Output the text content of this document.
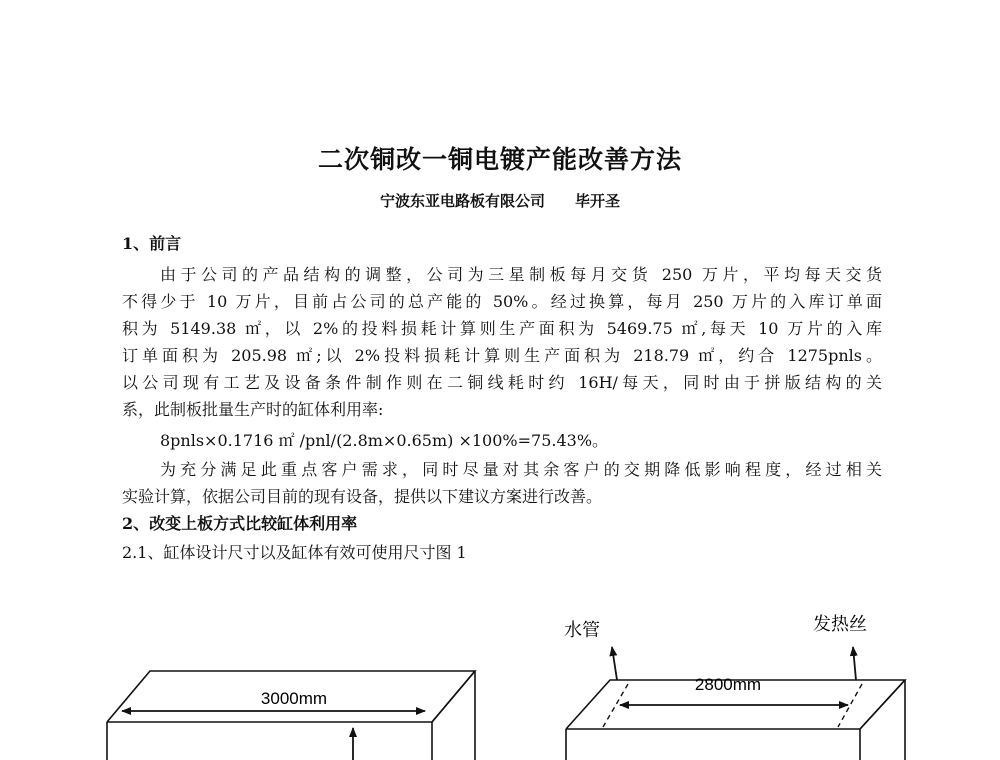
二次铜改一铜电镀产能改善方法
宁波东亚电路板有限公司 毕开圣
1、前言
由于公司的产品结构的调整，公司为三星制板每月交货 250 万片，平均每天交货
不得少于 10 万片，目前占公司的总产能的 50%。经过换算，每月 250 万片的入库订单面
积为 5149.38 ㎡，以 2%的投料损耗计算则生产面积为 5469.75 ㎡,每天 10 万片的入库
订单面积为 205.98 ㎡;以 2%投料损耗计算则生产面积为 218.79 ㎡，约合 1275pnls。
以公司现有工艺及设备条件制作则在二铜线耗时约 16H/每天，同时由于拼版结构的关
系，此制板批量生产时的缸体利用率:
8pnls×0.1716 ㎡ /pnl/(2.8m×0.65m) ×100%=75.43%。
为充分满足此重点客户需求，同时尽量对其余客户的交期降低影响程度，经过相关
实验计算，依据公司目前的现有设备，提供以下建议方案进行改善。
2、改变上板方式比较缸体利用率
2.1、缸体设计尺寸以及缸体有效可使用尺寸图 1
3000mm
2800mm
水管	发热丝
